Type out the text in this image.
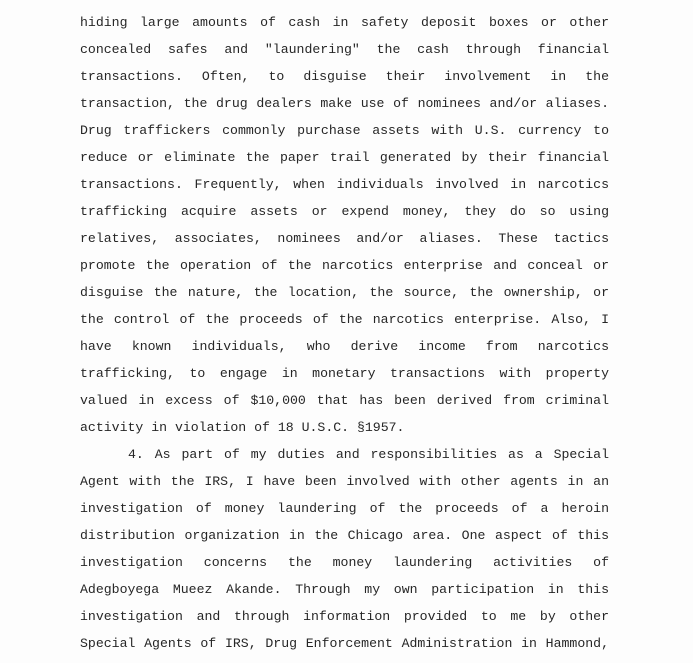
hiding large amounts of cash in safety deposit boxes or other
concealed safes and "laundering" the cash through financial
transactions. Often, to disguise their involvement in the
transaction, the drug dealers make use of nominees and/or aliases.
Drug traffickers commonly purchase assets with U.S. currency to
reduce or eliminate the paper trail generated by their financial
transactions. Frequently, when individuals involved in narcotics
trafficking acquire assets or expend money, they do so using
relatives, associates, nominees and/or aliases. These tactics
promote the operation of the narcotics enterprise and conceal or
disguise the nature, the location, the source, the ownership, or
the control of the proceeds of the narcotics enterprise. Also, I
have known individuals, who derive income from narcotics
trafficking, to engage in monetary transactions with property
valued in excess of $10,000 that has been derived from criminal
activity in violation of 18 U.S.C. §1957.
4. As part of my duties and responsibilities as a Special
Agent with the IRS, I have been involved with other agents in an
investigation of money laundering of the proceeds of a heroin
distribution organization in the Chicago area. One aspect of this
investigation concerns the money laundering activities of
Adegboyega Mueez Akande. Through my own participation in this
investigation and through information provided to me by other
Special Agents of IRS, Drug Enforcement Administration in Hammond,
